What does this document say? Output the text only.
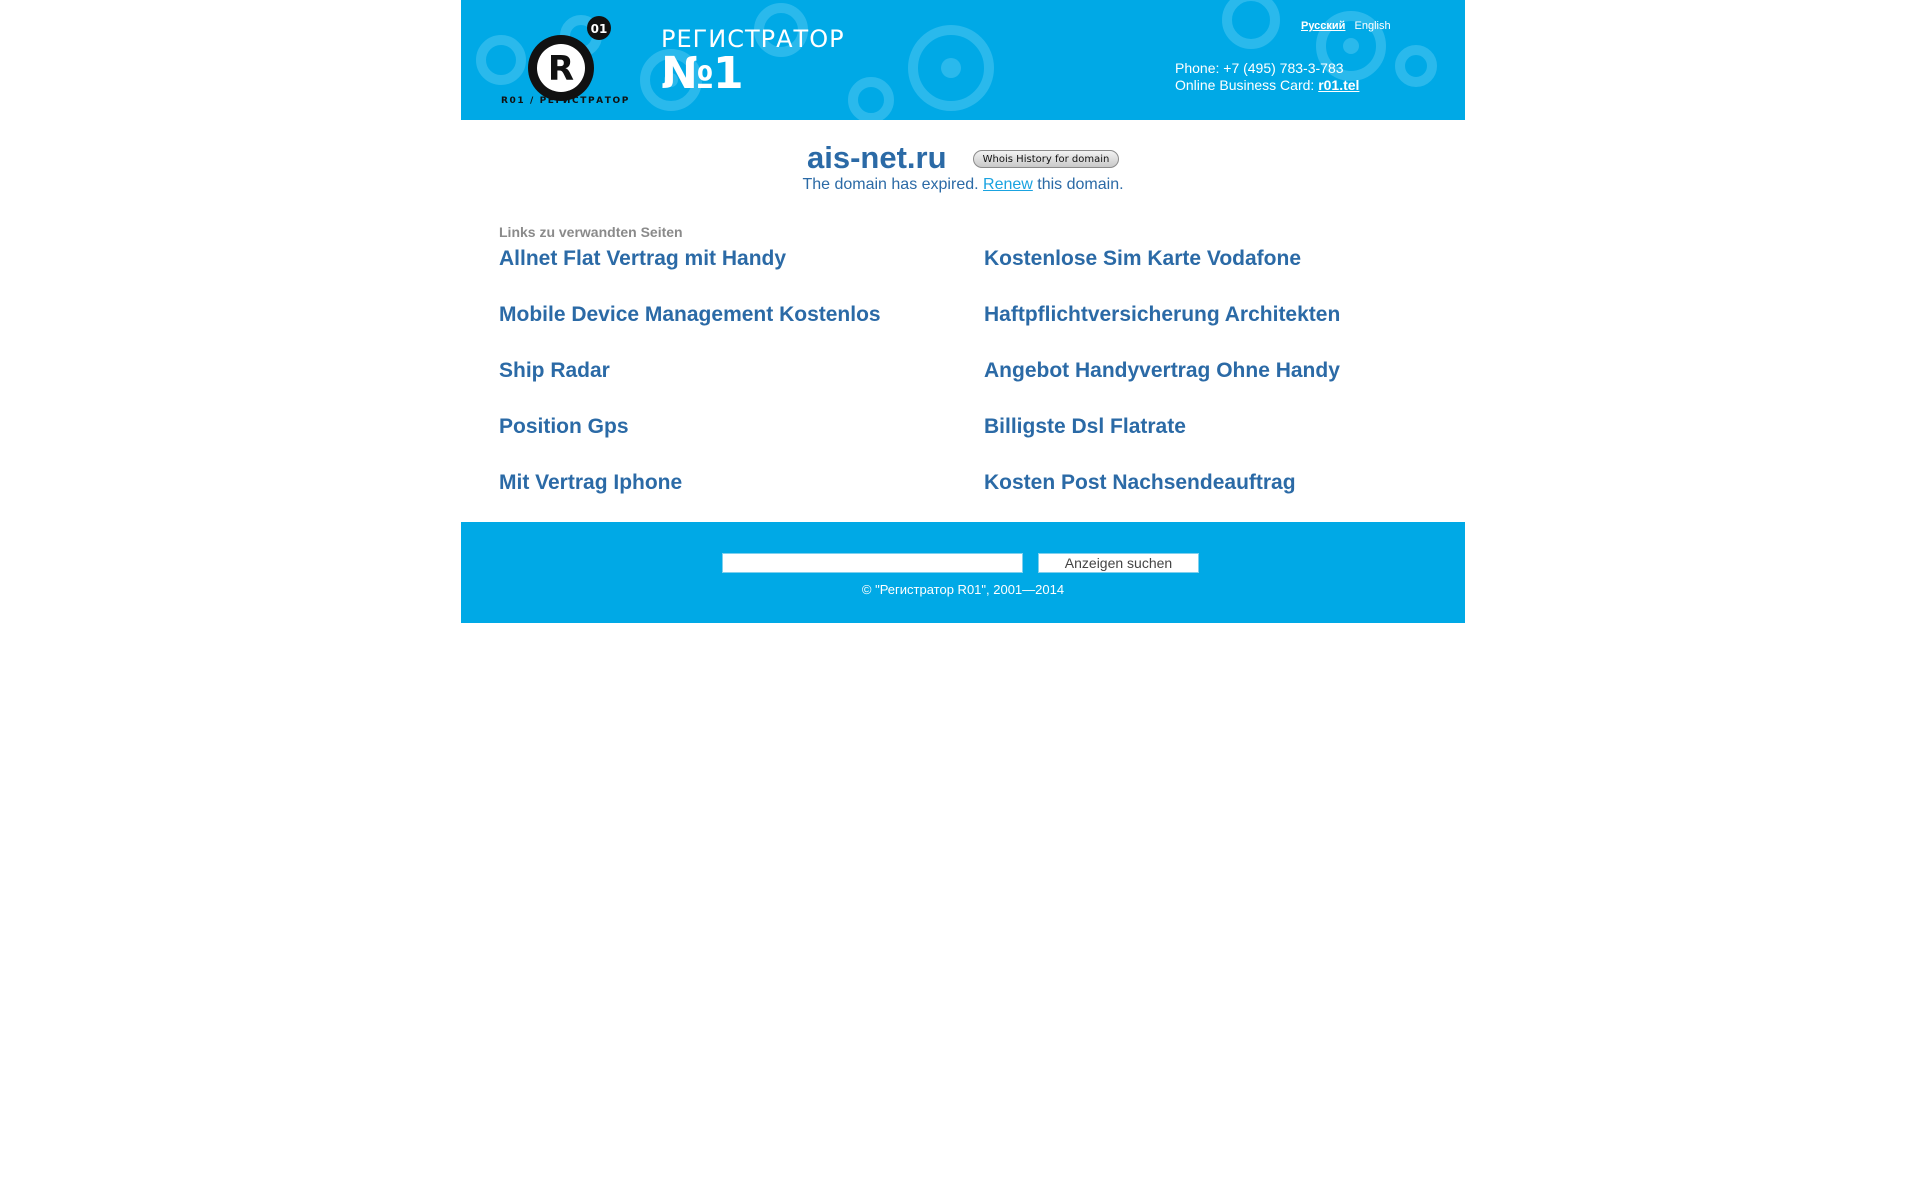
R
01
R01 / РЕГИСТРАТОР
РЕГИСТРАТОР
№1
Русский English
Phone: +7 (495) 783-3-783
Online Business Card: r01.tel
ais-net.ru	Whois History for domain
The domain has expired. Renew this domain.
Links zu verwandten Seiten
Allnet Flat Vertrag mit Handy	Kostenlose Sim Karte Vodafone
Mobile Device Management Kostenlos	Haftpflichtversicherung Architekten
Ship Radar	Angebot Handyvertrag Ohne Handy
Position Gps	Billigste Dsl Flatrate
Mit Vertrag Iphone	Kosten Post Nachsendeauftrag
Anzeigen suchen
© "Регистратор R01", 2001—2014
